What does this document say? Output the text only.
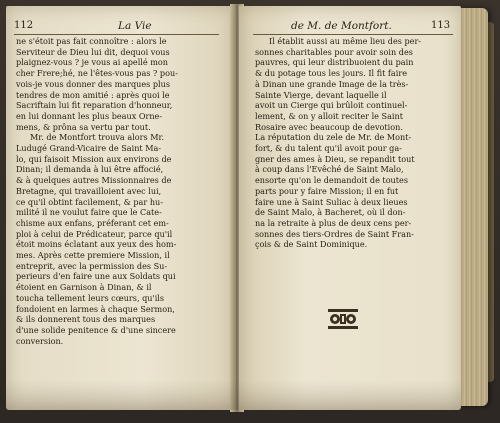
112	La Vie
ne s'étoit pas fait connoître : alors le
Serviteur de Dieu lui dit, dequoi vous
plaignez-vous ? je vous ai apellé mon
cher Frere;hé, ne l'êtes-vous pas ? pou-
vois-je vous donner des marques plus
tendres de mon amitié : après quoi le
Sacriftain lui fit reparation d'honneur,
en lui donnant les plus beaux Orne-
mens, & prôna sa vertu par tout.
Mr. de Montfort trouva alors Mr.
Ludugé Grand-Vicaire de Saint Ma-
lo, qui faisoit Mission aux environs de
Dinan; il demanda à lui être affocié,
& à quelques autres Missionnaires de
Bretagne, qui travailloient avec lui,
ce qu'il obtint facilement, & par hu-
milité il ne voulut faire que le Cate-
chisme aux enfans, préferant cet em-
ploi à celui de Prédicateur, parce qu'il
étoit moins éclatant aux yeux des hom-
mes. Après cette premiere Mission, il
entreprit, avec la permission des Su-
perieurs d'en faire une aux Soldats qui
étoient en Garnison à Dinan, & il
toucha tellement leurs cœurs, qu'ils
fondoient en larmes à chaque Sermon,
& ils donnerent tous des marques
d'une solide penitence & d'une sincere
conversion.
de M. de Montfort.	113
Il établit aussi au même lieu des per-
sonnes charitables pour avoir soin des
pauvres, qui leur distribuoient du pain
& du potage tous les jours. Il fit faire
à Dinan une grande Image de la très-
Sainte Vierge, devant laquelle il
avoit un Cierge qui brûloit continuel-
lement, & on y alloit reciter le Saint
Rosaire avec beaucoup de devotion.
La réputation du zele de Mr. de Mont-
fort, & du talent qu'il avoit pour ga-
gner des ames à Dieu, se repandit tout
à coup dans l'Evêché de Saint Malo,
ensorte qu'on le demandoit de toutes
parts pour y faire Mission; il en fut
faire une à Saint Suliac à deux lieues
de Saint Malo, à Bacheret, où il don-
na la retraite à plus de deux cens per-
sonnes des tiers-Ordres de Saint Fran-
çois & de Saint Dominique.
